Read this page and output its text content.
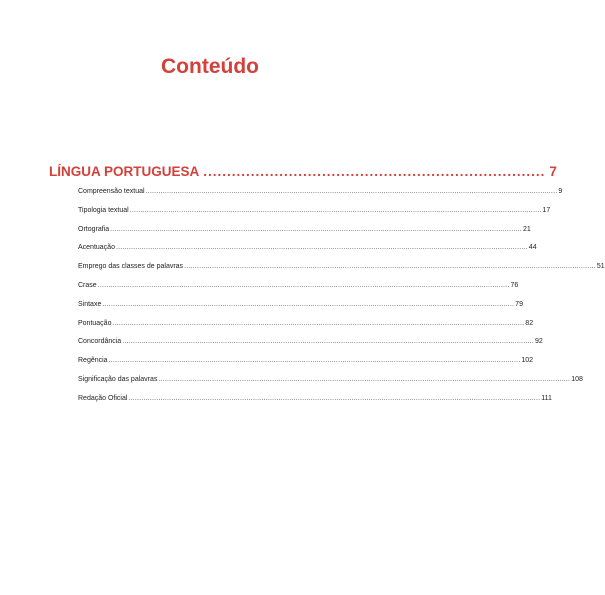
Conteúdo
LÍNGUA PORTUGUESA ........................................................................ 7
Compreensão textual ................................................................................................................................................................................................ 9
Tipologia textual ................................................................................................................................................................................................ 17
Ortografia ................................................................................................................................................................................................ 21
Acentuação ................................................................................................................................................................................................ 44
Emprego das classes de palavras ................................................................................................................................................................................................ 51
Crase ................................................................................................................................................................................................ 76
Sintaxe ................................................................................................................................................................................................ 79
Pontuação ................................................................................................................................................................................................ 82
Concordância ................................................................................................................................................................................................ 92
Regência ................................................................................................................................................................................................ 102
Significação das palavras ................................................................................................................................................................................................ 108
Redação Oficial ................................................................................................................................................................................................ 111
